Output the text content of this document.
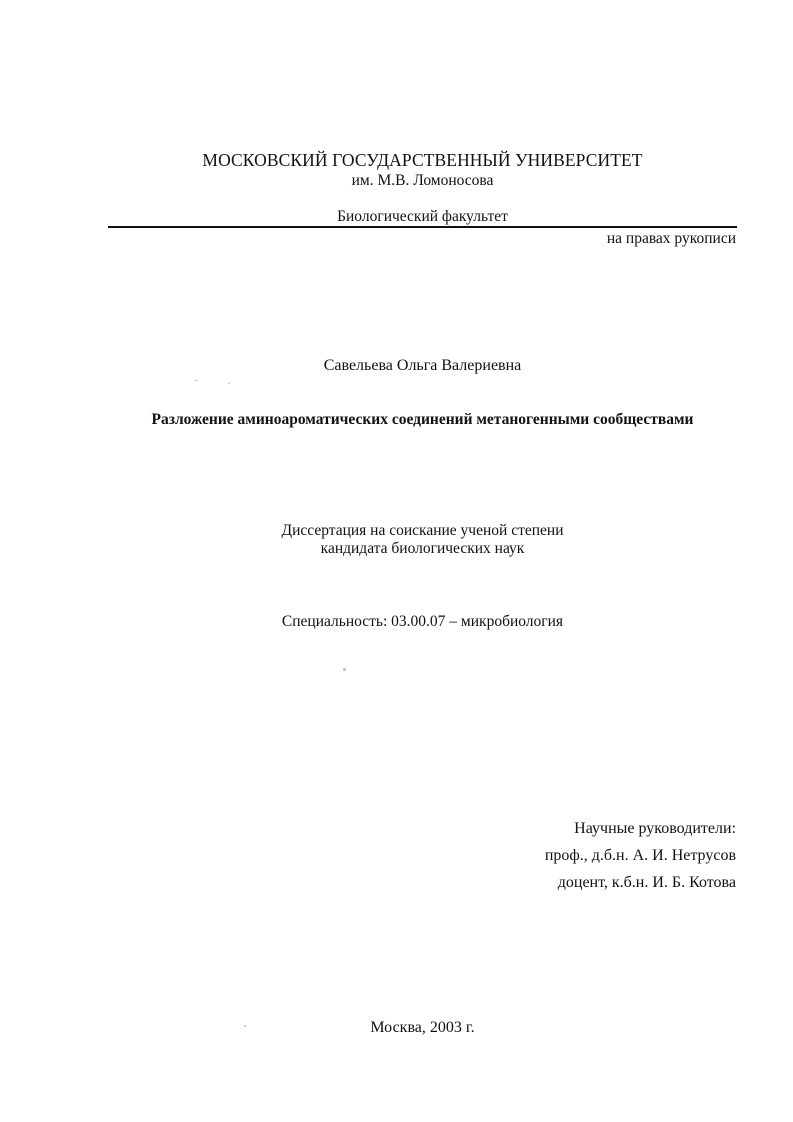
МОСКОВСКИЙ ГОСУДАРСТВЕННЫЙ УНИВЕРСИТЕТ
им. М.В. Ломоносова
Биологический факультет
на правах рукописи
Савельева Ольга Валериевна
Разложение аминоароматических соединений метаногенными сообществами
Диссертация на соискание ученой степени
кандидата биологических наук
Специальность: 03.00.07 – микробиология
Научные руководители:
проф., д.б.н. А. И. Нетрусов
доцент, к.б.н. И. Б. Котова
Москва, 2003 г.
